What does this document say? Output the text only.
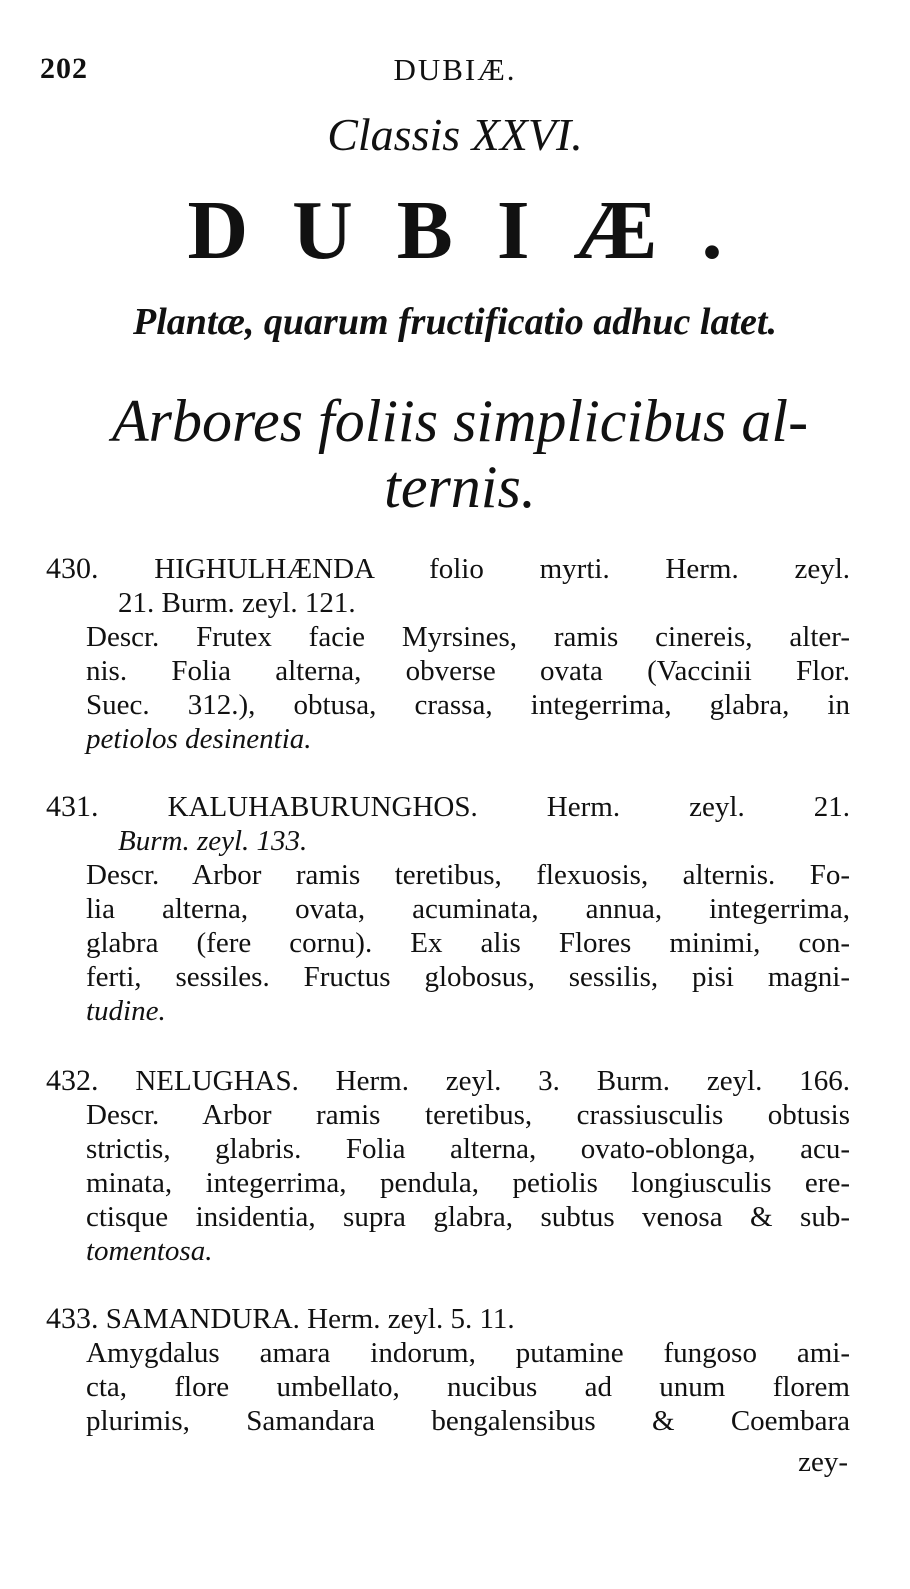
202	DUBIÆ.
Classis XXVI.
DUBIÆ.
Plantæ, quarum fructificatio adhuc latet.
Arbores foliis simplicibus al-
ternis.
430. HIGHULHÆNDA folio myrti. Herm. zeyl.
21. Burm. zeyl. 121.
Descr. Frutex facie Myrsines, ramis cinereis, alter-
nis. Folia alterna, obverse ovata (Vaccinii Flor.
Suec. 312.), obtusa, crassa, integerrima, glabra, in
petiolos desinentia.
431. KALUHABURUNGHOS. Herm. zeyl. 21.
Burm. zeyl. 133.
Descr. Arbor ramis teretibus, flexuosis, alternis. Fo-
lia alterna, ovata, acuminata, annua, integerrima,
glabra (fere cornu). Ex alis Flores minimi, con-
ferti, sessiles. Fructus globosus, sessilis, pisi magni-
tudine.
432. NELUGHAS. Herm. zeyl. 3. Burm. zeyl. 166.
Descr. Arbor ramis teretibus, crassiusculis obtusis
strictis, glabris. Folia alterna, ovato-oblonga, acu-
minata, integerrima, pendula, petiolis longiusculis ere-
ctisque insidentia, supra glabra, subtus venosa & sub-
tomentosa.
433. SAMANDURA. Herm. zeyl. 5. 11.
Amygdalus amara indorum, putamine fungoso ami-
cta, flore umbellato, nucibus ad unum florem
plurimis, Samandara bengalensibus & Coembara
zey-
